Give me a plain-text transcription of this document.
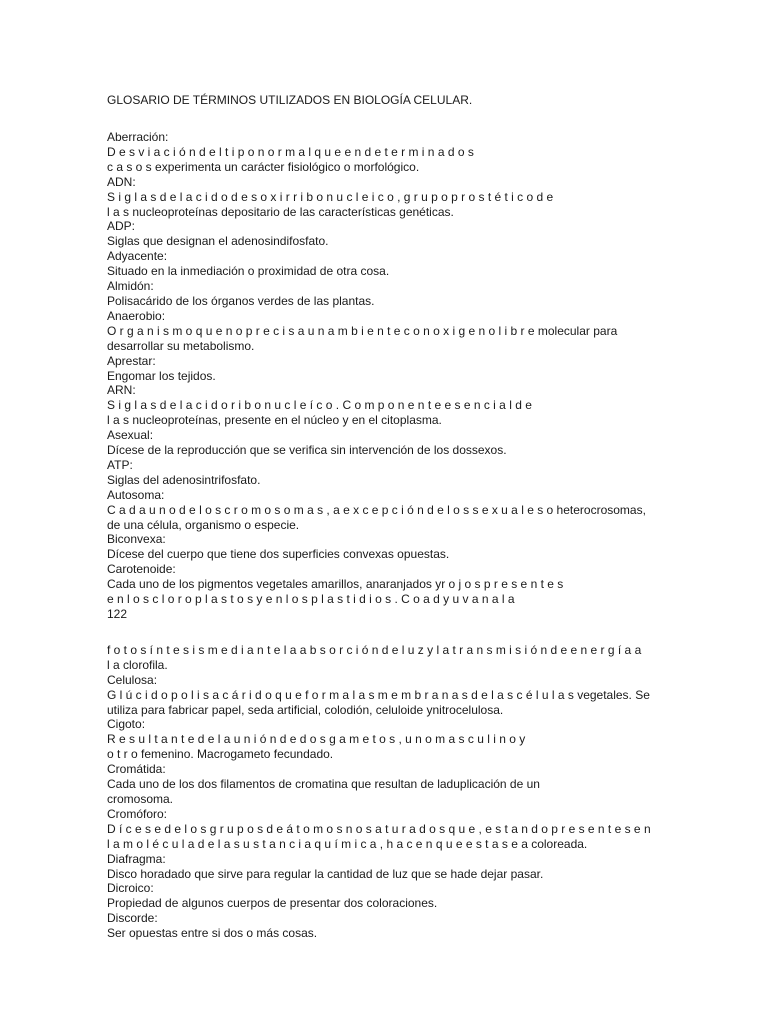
GLOSARIO DE TÉRMINOS UTILIZADOS EN BIOLOGÍA CELULAR.
Aberración:
D e s v i a c i ó n d e l t i p o n o r m a l q u e e n d e t e r m i n a d o s
c a s o s experimenta un carácter fisiológico o morfológico.
ADN:
S i g l a s d e l a c i d o d e s o x i r r i b o n u c l e i c o , g r u p o p r o s t é t i c o d e
l a s nucleoproteínas depositario de las características genéticas.
ADP:
Siglas que designan el adenosindifosfato.
Adyacente:
Situado en la inmediación o proximidad de otra cosa.
Almidón:
Polisacárido de los órganos verdes de las plantas.
Anaerobio:
O r g a n i s m o q u e n o p r e c i s a u n a m b i e n t e c o n o x i g e n o l i b r e molecular para
desarrollar su metabolismo.
Aprestar:
Engomar los tejidos.
ARN:
S i g l a s d e l a c i d o r i b o n u c l e í c o . C o m p o n e n t e e s e n c i a l d e
l a s nucleoproteínas, presente en el núcleo y en el citoplasma.
Asexual:
Dícese de la reproducción que se verifica sin intervención de los dossexos.
ATP:
Siglas del adenosintrifosfato.
Autosoma:
C a d a u n o d e l o s c r o m o s o m a s , a e x c e p c i ó n d e l o s s e x u a l e s o heterocrosomas,
de una célula, organismo o especie.
Biconvexa:
Dícese del cuerpo que tiene dos superficies convexas opuestas.
Carotenoide:
Cada uno de los pigmentos vegetales amarillos, anaranjados yr o j o s p r e s e n t e s
e n l o s c l o r o p l a s t o s y e n l o s p l a s t i d i o s . C o a d y u v a n a l a
122
f o t o s í n t e s i s m e d i a n t e l a a b s o r c i ó n d e l u z y l a t r a n s m i s i ó n d e e n e r g í a a
l a clorofila.
Celulosa:
G l ú c i d o p o l i s a c á r i d o q u e f o r m a l a s m e m b r a n a s d e l a s c é l u l a s vegetales. Se
utiliza para fabricar papel, seda artificial, colodión, celuloide ynitrocelulosa.
Cigoto:
R e s u l t a n t e d e l a u n i ó n d e d o s g a m e t o s , u n o m a s c u l i n o y
o t r o femenino. Macrogameto fecundado.
Cromátida:
Cada uno de los dos filamentos de cromatina que resultan de laduplicación de un
cromosoma.
Cromóforo:
D í c e s e d e l o s g r u p o s d e á t o m o s n o s a t u r a d o s q u e , e s t a n d o p r e s e n t e s e n
l a m o l é c u l a d e l a s u s t a n c i a q u í m i c a , h a c e n q u e e s t a s e a coloreada.
Diafragma:
Disco horadado que sirve para regular la cantidad de luz que se hade dejar pasar.
Dicroico:
Propiedad de algunos cuerpos de presentar dos coloraciones.
Discorde:
Ser opuestas entre si dos o más cosas.
